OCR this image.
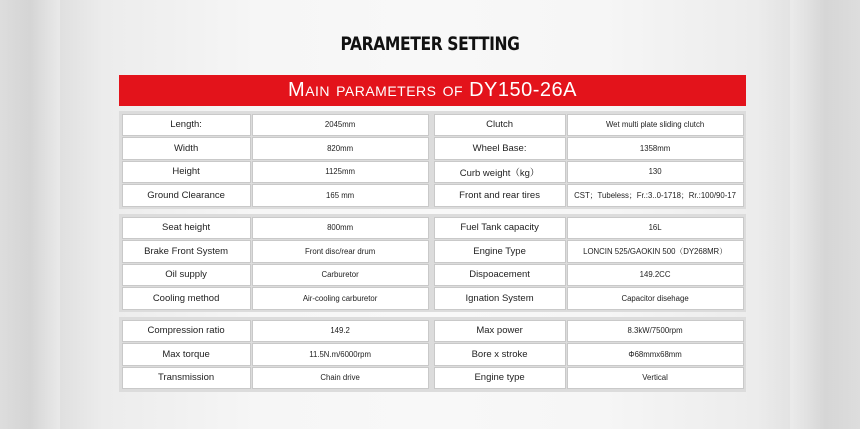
PARAMETER SETTING
Main parameters of DY150-26A
Length:	2045mm	Clutch	Wet multi plate sliding clutch
Width	820mm	Wheel Base:	1358mm
Height	1125mm	Curb weight（kg）	130
Ground Clearance	165 mm	Front and rear tires	CST；Tubeless；Fr.:3..0-1718；Rr.:100/90-17
Seat height	800mm	Fuel Tank capacity	16L
Brake Front System	Front disc/rear drum	Engine Type	LONCIN 525/GAOKIN 500（DY268MR）
Oil supply	Carburetor	Dispoacement	149.2CC
Cooling method	Air-cooling carburetor	Ignation System	Capacitor disehage
Compression ratio	149.2	Max power	8.3kW/7500rpm
Max torque	11.5N.m/6000rpm	Bore x stroke	Φ68mmx68mm
Transmission	Chain drive	Engine type	Vertical
